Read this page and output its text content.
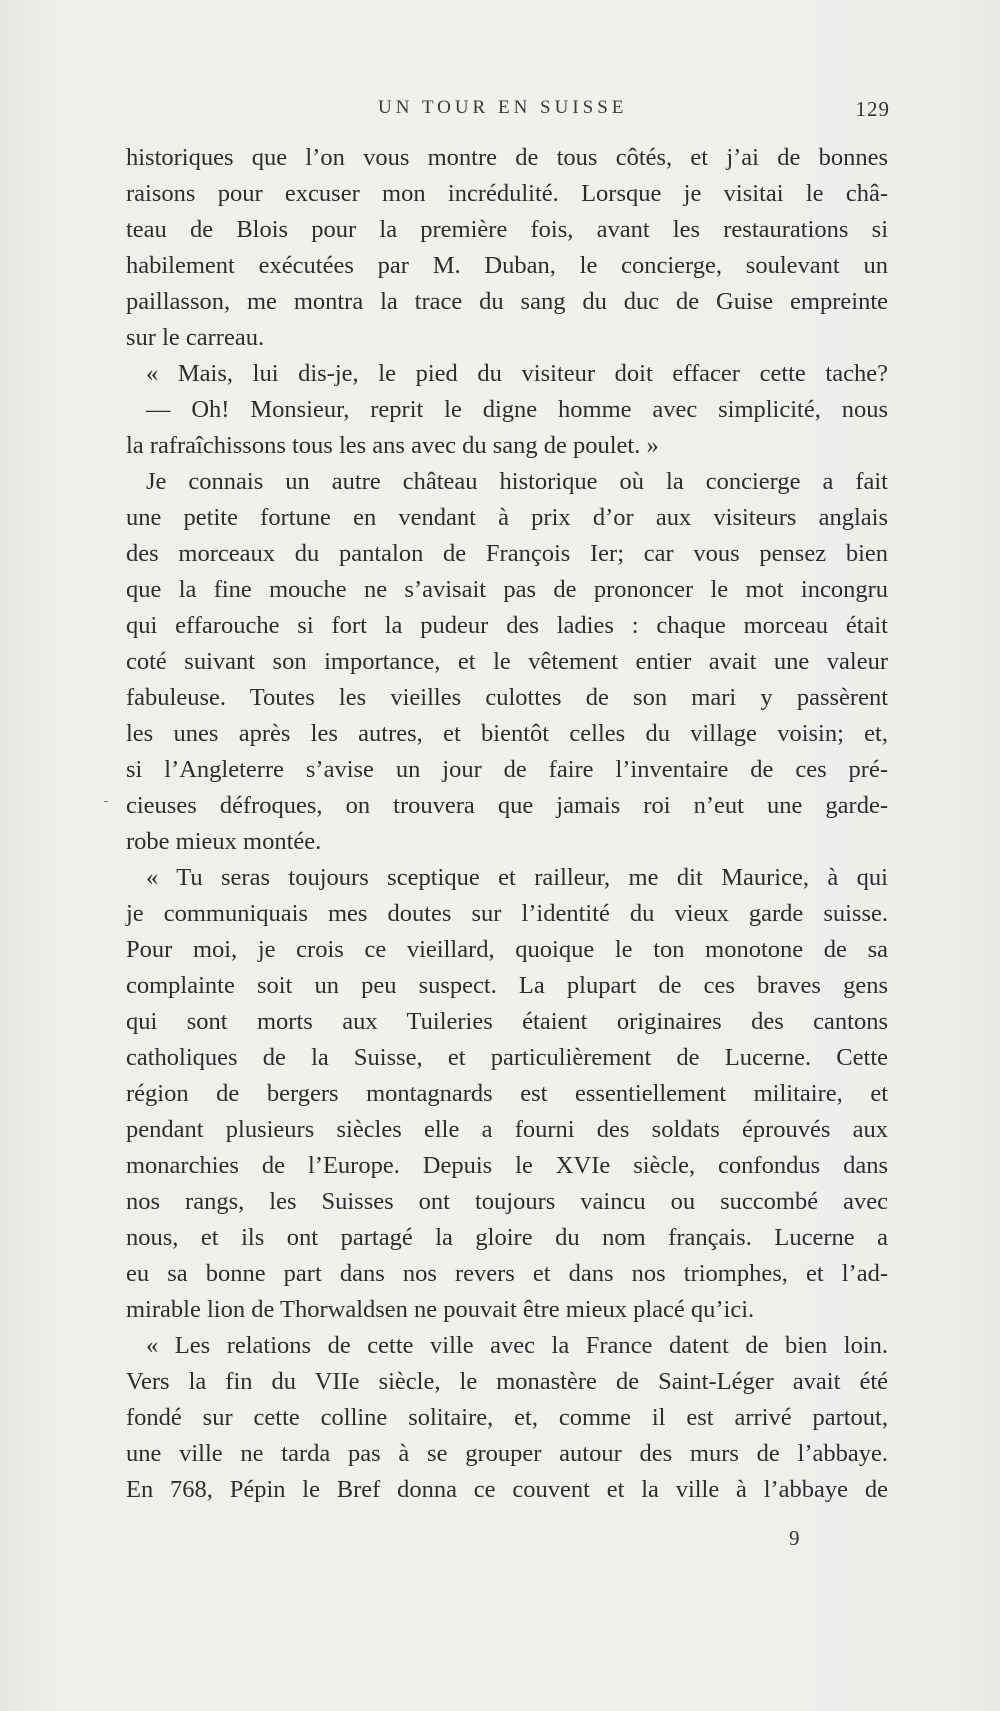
UN TOUR EN SUISSE	129
historiques que l’on vous montre de tous côtés, et j’ai de bonnes
raisons pour excuser mon incrédulité. Lorsque je visitai le châ-
teau de Blois pour la première fois, avant les restaurations si
habilement exécutées par M. Duban, le concierge, soulevant un
paillasson, me montra la trace du sang du duc de Guise empreinte
sur le carreau.
« Mais, lui dis-je, le pied du visiteur doit effacer cette tache?
— Oh! Monsieur, reprit le digne homme avec simplicité, nous
la rafraîchissons tous les ans avec du sang de poulet. »
Je connais un autre château historique où la concierge a fait
une petite fortune en vendant à prix d’or aux visiteurs anglais
des morceaux du pantalon de François Ier; car vous pensez bien
que la fine mouche ne s’avisait pas de prononcer le mot incongru
qui effarouche si fort la pudeur des ladies : chaque morceau était
coté suivant son importance, et le vêtement entier avait une valeur
fabuleuse. Toutes les vieilles culottes de son mari y passèrent
les unes après les autres, et bientôt celles du village voisin; et,
si l’Angleterre s’avise un jour de faire l’inventaire de ces pré-
cieuses défroques, on trouvera que jamais roi n’eut une garde-
robe mieux montée.
« Tu seras toujours sceptique et railleur, me dit Maurice, à qui
je communiquais mes doutes sur l’identité du vieux garde suisse.
Pour moi, je crois ce vieillard, quoique le ton monotone de sa
complainte soit un peu suspect. La plupart de ces braves gens
qui sont morts aux Tuileries étaient originaires des cantons
catholiques de la Suisse, et particulièrement de Lucerne. Cette
région de bergers montagnards est essentiellement militaire, et
pendant plusieurs siècles elle a fourni des soldats éprouvés aux
monarchies de l’Europe. Depuis le XVIe siècle, confondus dans
nos rangs, les Suisses ont toujours vaincu ou succombé avec
nous, et ils ont partagé la gloire du nom français. Lucerne a
eu sa bonne part dans nos revers et dans nos triomphes, et l’ad-
mirable lion de Thorwaldsen ne pouvait être mieux placé qu’ici.
« Les relations de cette ville avec la France datent de bien loin.
Vers la fin du VIIe siècle, le monastère de Saint-Léger avait été
fondé sur cette colline solitaire, et, comme il est arrivé partout,
une ville ne tarda pas à se grouper autour des murs de l’abbaye.
En 768, Pépin le Bref donna ce couvent et la ville à l’abbaye de
9
